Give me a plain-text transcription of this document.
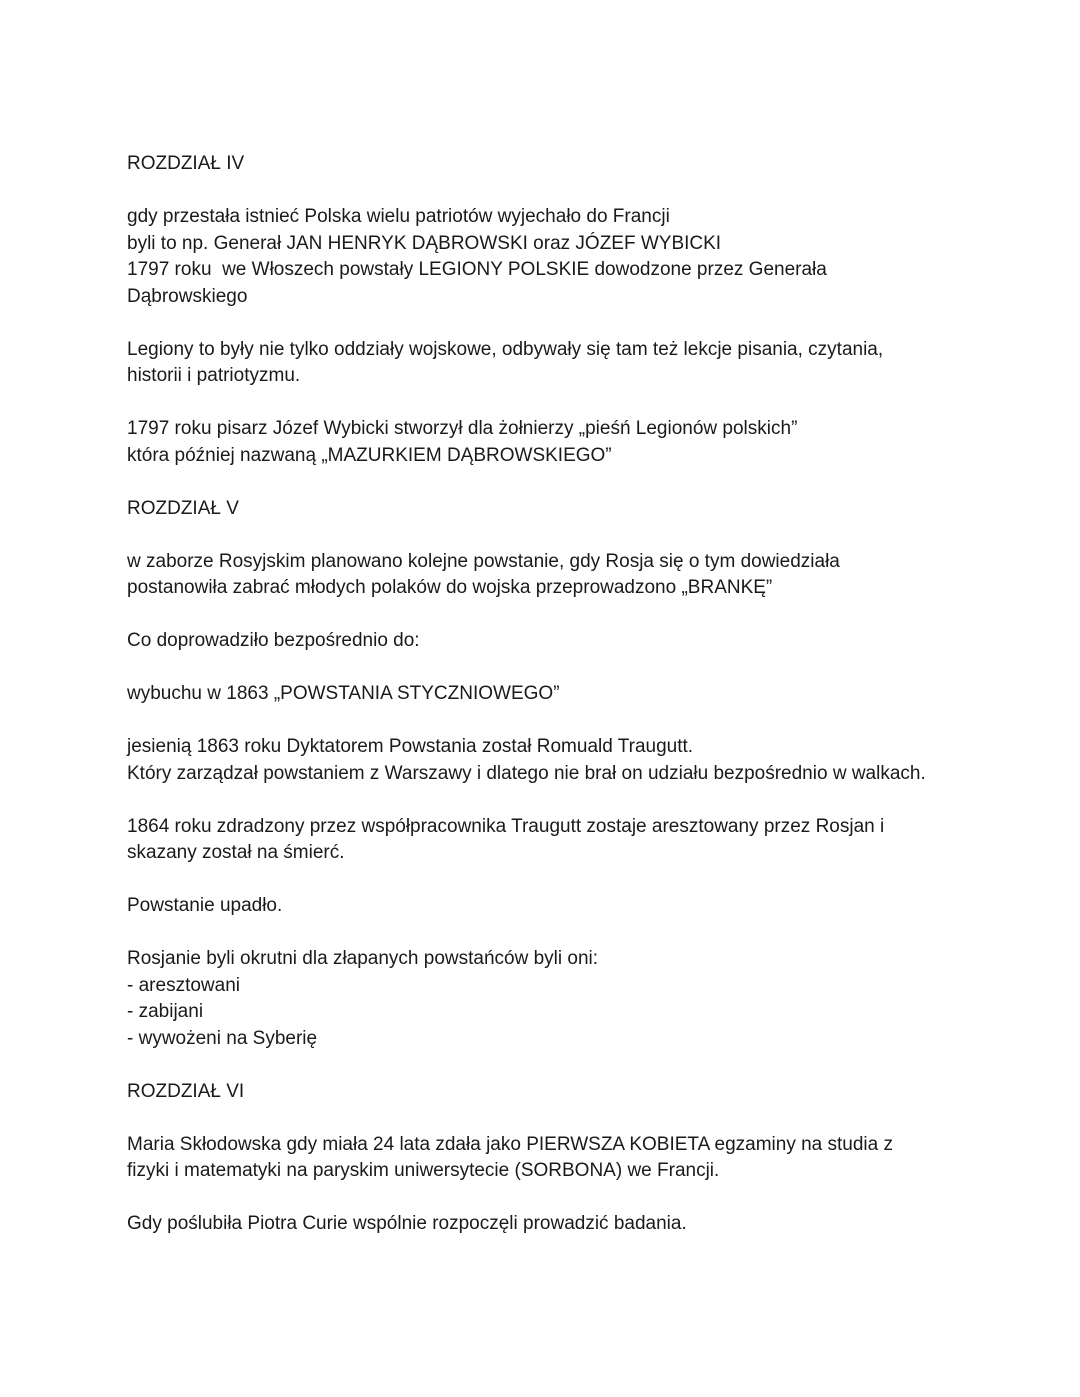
ROZDZIAŁ IV
gdy przestała istnieć Polska wielu patriotów wyjechało do Francji
byli to np. Generał JAN HENRYK DĄBROWSKI oraz JÓZEF WYBICKI
1797 roku  we Włoszech powstały LEGIONY POLSKIE dowodzone przez Generała
Dąbrowskiego
Legiony to były nie tylko oddziały wojskowe, odbywały się tam też lekcje pisania, czytania,
historii i patriotyzmu.
1797 roku pisarz Józef Wybicki stworzył dla żołnierzy „pieśń Legionów polskich”
która później nazwaną „MAZURKIEM DĄBROWSKIEGO”
ROZDZIAŁ V
w zaborze Rosyjskim planowano kolejne powstanie, gdy Rosja się o tym dowiedziała
postanowiła zabrać młodych polaków do wojska przeprowadzono „BRANKĘ”
Co doprowadziło bezpośrednio do:
wybuchu w 1863 „POWSTANIA STYCZNIOWEGO”
jesienią 1863 roku Dyktatorem Powstania został Romuald Traugutt.
Który zarządzał powstaniem z Warszawy i dlatego nie brał on udziału bezpośrednio w walkach.
1864 roku zdradzony przez współpracownika Traugutt zostaje aresztowany przez Rosjan i
skazany został na śmierć.
Powstanie upadło.
Rosjanie byli okrutni dla złapanych powstańców byli oni:
- aresztowani
- zabijani
- wywożeni na Syberię
ROZDZIAŁ VI
Maria Skłodowska gdy miała 24 lata zdała jako PIERWSZA KOBIETA egzaminy na studia z
fizyki i matematyki na paryskim uniwersytecie (SORBONA) we Francji.
Gdy poślubiła Piotra Curie wspólnie rozpoczęli prowadzić badania.
